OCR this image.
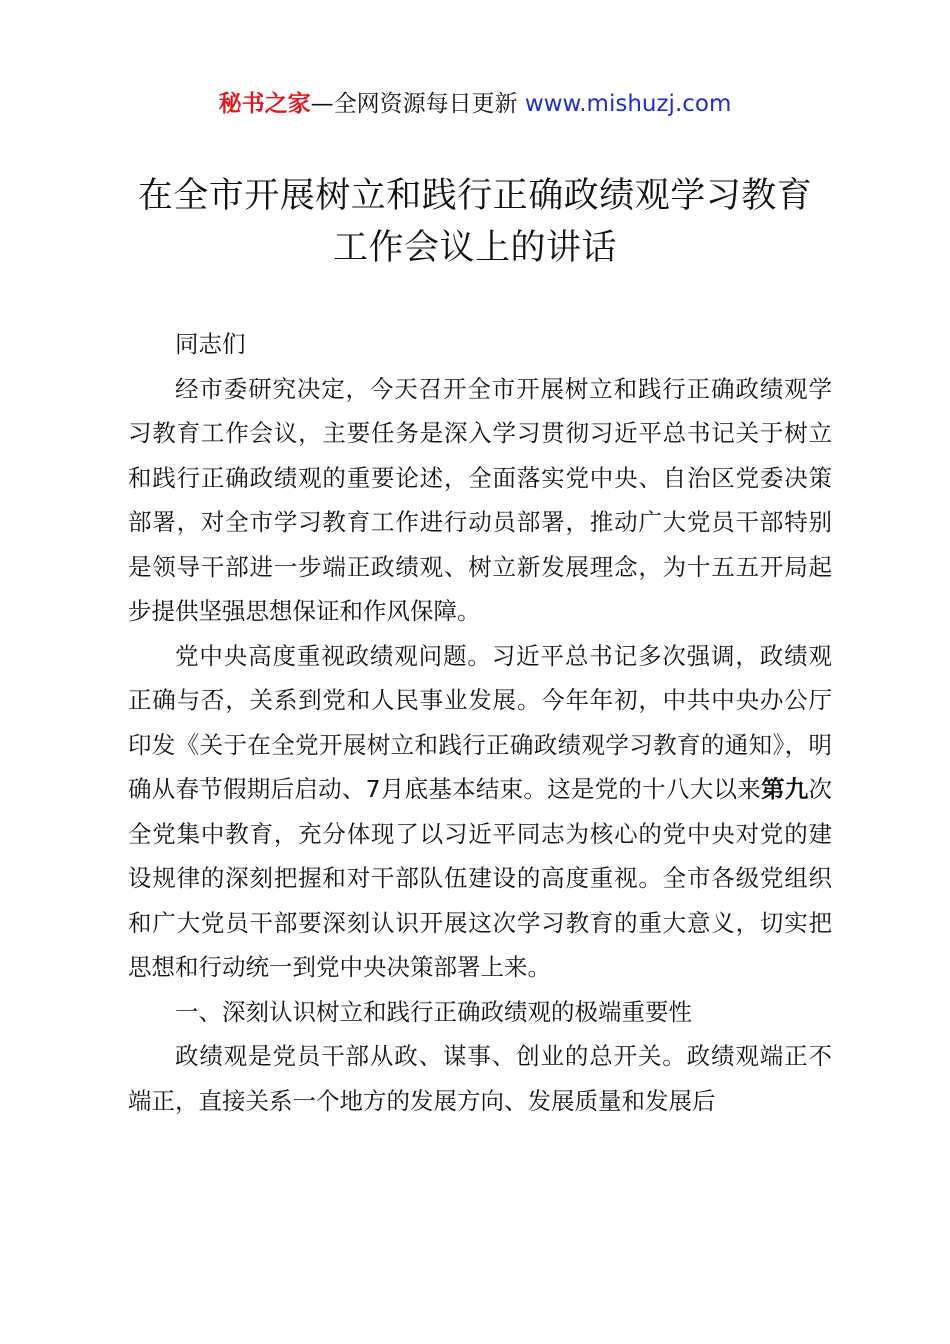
秘书之家—全网资源每日更新 www.mishuzj.com
在全市开展树立和践行正确政绩观学习教育
工作会议上的讲话

同志们

经市委研究决定，今天召开全市开展树立和践行正确政绩观学习教育工作会议，主要任务是深入学习贯彻习近平总书记关于树立和践行正确政绩观的重要论述，全面落实党中央、自治区党委决策部署，对全市学习教育工作进行动员部署，推动广大党员干部特别是领导干部进一步端正政绩观、树立新发展理念，为十五五开局起步提供坚强思想保证和作风保障。

党中央高度重视政绩观问题。习近平总书记多次强调，政绩观正确与否，关系到党和人民事业发展。今年年初，中共中央办公厅印发《关于在全党开展树立和践行正确政绩观学习教育的通知》，明确从春节假期后启动、7月底基本结束。这是党的十八大以来第九次全党集中教育，充分体现了以习近平同志为核心的党中央对党的建设规律的深刻把握和对干部队伍建设的高度重视。全市各级党组织和广大党员干部要深刻认识开展这次学习教育的重大意义，切实把思想和行动统一到党中央决策部署上来。

一、深刻认识树立和践行正确政绩观的极端重要性

政绩观是党员干部从政、谋事、创业的总开关。政绩观端正不端正，直接关系一个地方的发展方向、发展质量和发展后
